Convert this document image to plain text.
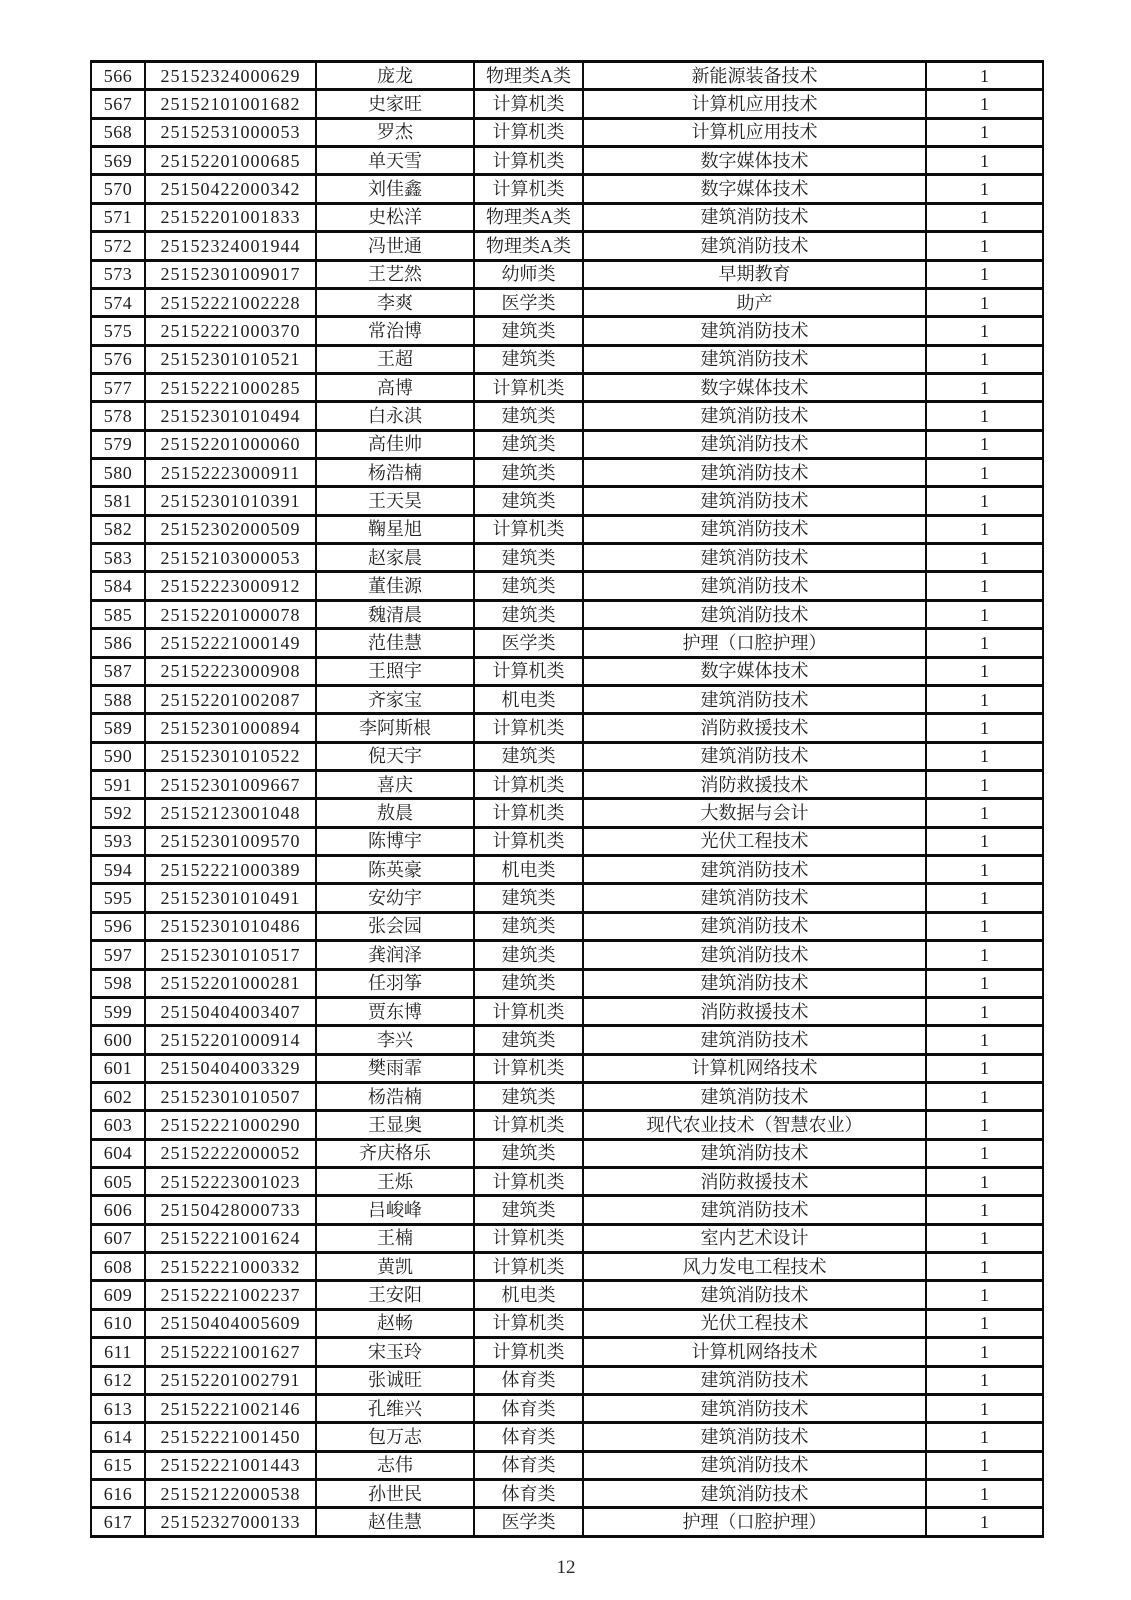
566	25152324000629	庞龙	物理类A类	新能源装备技术	1
567	25152101001682	史家旺	计算机类	计算机应用技术	1
568	25152531000053	罗杰	计算机类	计算机应用技术	1
569	25152201000685	单天雪	计算机类	数字媒体技术	1
570	25150422000342	刘佳鑫	计算机类	数字媒体技术	1
571	25152201001833	史松洋	物理类A类	建筑消防技术	1
572	25152324001944	冯世通	物理类A类	建筑消防技术	1
573	25152301009017	王艺然	幼师类	早期教育	1
574	25152221002228	李爽	医学类	助产	1
575	25152221000370	常治博	建筑类	建筑消防技术	1
576	25152301010521	王超	建筑类	建筑消防技术	1
577	25152221000285	高博	计算机类	数字媒体技术	1
578	25152301010494	白永淇	建筑类	建筑消防技术	1
579	25152201000060	高佳帅	建筑类	建筑消防技术	1
580	25152223000911	杨浩楠	建筑类	建筑消防技术	1
581	25152301010391	王天昊	建筑类	建筑消防技术	1
582	25152302000509	鞠星旭	计算机类	建筑消防技术	1
583	25152103000053	赵家晨	建筑类	建筑消防技术	1
584	25152223000912	董佳源	建筑类	建筑消防技术	1
585	25152201000078	魏清晨	建筑类	建筑消防技术	1
586	25152221000149	范佳慧	医学类	护理（口腔护理）	1
587	25152223000908	王照宇	计算机类	数字媒体技术	1
588	25152201002087	齐家宝	机电类	建筑消防技术	1
589	25152301000894	李阿斯根	计算机类	消防救援技术	1
590	25152301010522	倪天宇	建筑类	建筑消防技术	1
591	25152301009667	喜庆	计算机类	消防救援技术	1
592	25152123001048	敖晨	计算机类	大数据与会计	1
593	25152301009570	陈博宇	计算机类	光伏工程技术	1
594	25152221000389	陈英豪	机电类	建筑消防技术	1
595	25152301010491	安幼宇	建筑类	建筑消防技术	1
596	25152301010486	张会园	建筑类	建筑消防技术	1
597	25152301010517	龚润泽	建筑类	建筑消防技术	1
598	25152201000281	任羽筝	建筑类	建筑消防技术	1
599	25150404003407	贾东博	计算机类	消防救援技术	1
600	25152201000914	李兴	建筑类	建筑消防技术	1
601	25150404003329	樊雨霏	计算机类	计算机网络技术	1
602	25152301010507	杨浩楠	建筑类	建筑消防技术	1
603	25152221000290	王显奥	计算机类	现代农业技术（智慧农业）	1
604	25152222000052	齐庆格乐	建筑类	建筑消防技术	1
605	25152223001023	王烁	计算机类	消防救援技术	1
606	25150428000733	吕峻峰	建筑类	建筑消防技术	1
607	25152221001624	王楠	计算机类	室内艺术设计	1
608	25152221000332	黄凯	计算机类	风力发电工程技术	1
609	25152221002237	王安阳	机电类	建筑消防技术	1
610	25150404005609	赵畅	计算机类	光伏工程技术	1
611	25152221001627	宋玉玲	计算机类	计算机网络技术	1
612	25152201002791	张诚旺	体育类	建筑消防技术	1
613	25152221002146	孔维兴	体育类	建筑消防技术	1
614	25152221001450	包万志	体育类	建筑消防技术	1
615	25152221001443	志伟	体育类	建筑消防技术	1
616	25152122000538	孙世民	体育类	建筑消防技术	1
617	25152327000133	赵佳慧	医学类	护理（口腔护理）	1
12
